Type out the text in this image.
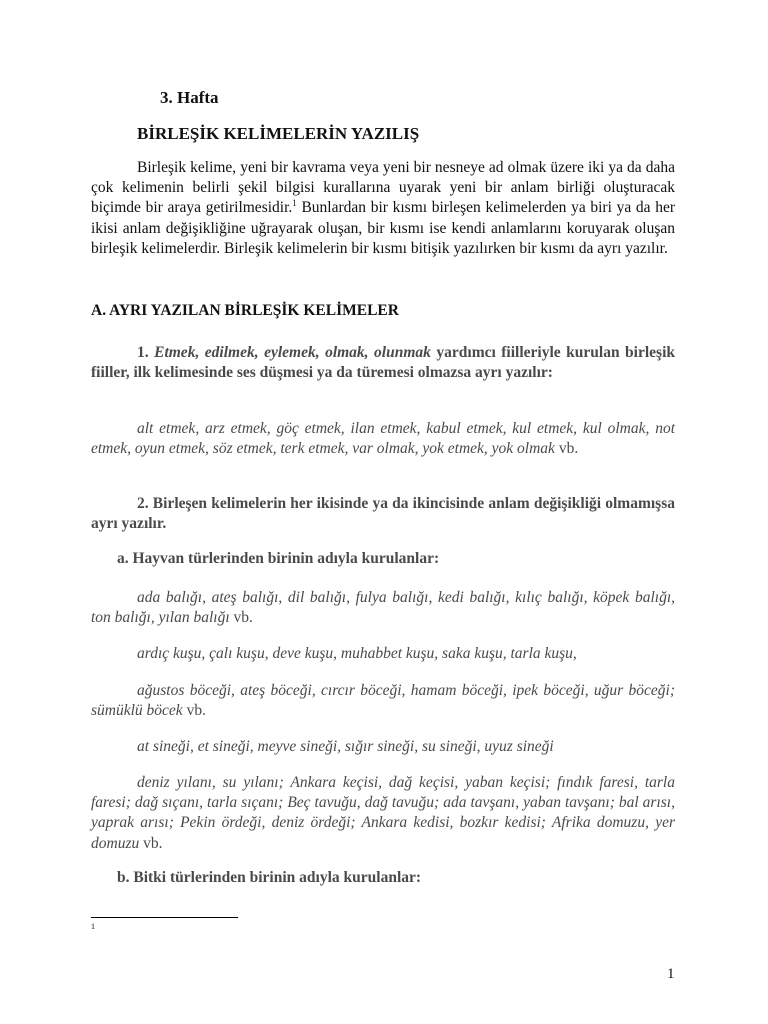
3. Hafta
BİRLEŞİK KELİMELERİN YAZILIŞ

Birleşik kelime, yeni bir kavrama veya yeni bir nesneye ad olmak üzere iki ya da daha çok kelimenin belirli şekil bilgisi kurallarına uyarak yeni bir anlam birliği oluşturacak biçimde bir araya getirilmesidir.$^1$ Bunlardan bir kısmı birleşen kelimelerden ya biri ya da her ikisi anlam değişikliğine uğrayarak oluşan, bir kısmı ise kendi anlamlarını koruyarak oluşan birleşik kelimelerdir. Birleşik kelimelerin bir kısmı bitişik yazılırken bir kısmı da ayrı yazılır.

A. AYRI YAZILAN BİRLEŞİK KELİMELER

1. Etmek, edilmek, eylemek, olmak, olunmak yardımcı fiilleriyle kurulan birleşik fiiller, ilk kelimesinde ses düşmesi ya da türemesi olmazsa ayrı yazılır:

alt etmek, arz etmek, göç etmek, ilan etmek, kabul etmek, kul etmek, kul olmak, not etmek, oyun etmek, söz etmek, terk etmek, var olmak, yok etmek, yok olmak vb.

2. Birleşen kelimelerin her ikisinde ya da ikincisinde anlam değişikliği olmamışsa ayrı yazılır.

a. Hayvan türlerinden birinin adıyla kurulanlar:

ada balığı, ateş balığı, dil balığı, fulya balığı, kedi balığı, kılıç balığı, köpek balığı, ton balığı, yılan balığı vb.

ardıç kuşu, çalı kuşu, deve kuşu, muhabbet kuşu, saka kuşu, tarla kuşu,

ağustos böceği, ateş böceği, cırcır böceği, hamam böceği, ipek böceği, uğur böceği; sümüklü böcek vb.

at sineği, et sineği, meyve sineği, sığır sineği, su sineği, uyuz sineği

deniz yılanı, su yılanı; Ankara keçisi, dağ keçisi, yaban keçisi; fındık faresi, tarla faresi; dağ sıçanı, tarla sıçanı; Beç tavuğu, dağ tavuğu; ada tavşanı, yaban tavşanı; bal arısı, yaprak arısı; Pekin ördeği, deniz ördeği; Ankara kedisi, bozkır kedisi; Afrika domuzu, yer domuzu vb.

b. Bitki türlerinden birinin adıyla kurulanlar:

1
1
